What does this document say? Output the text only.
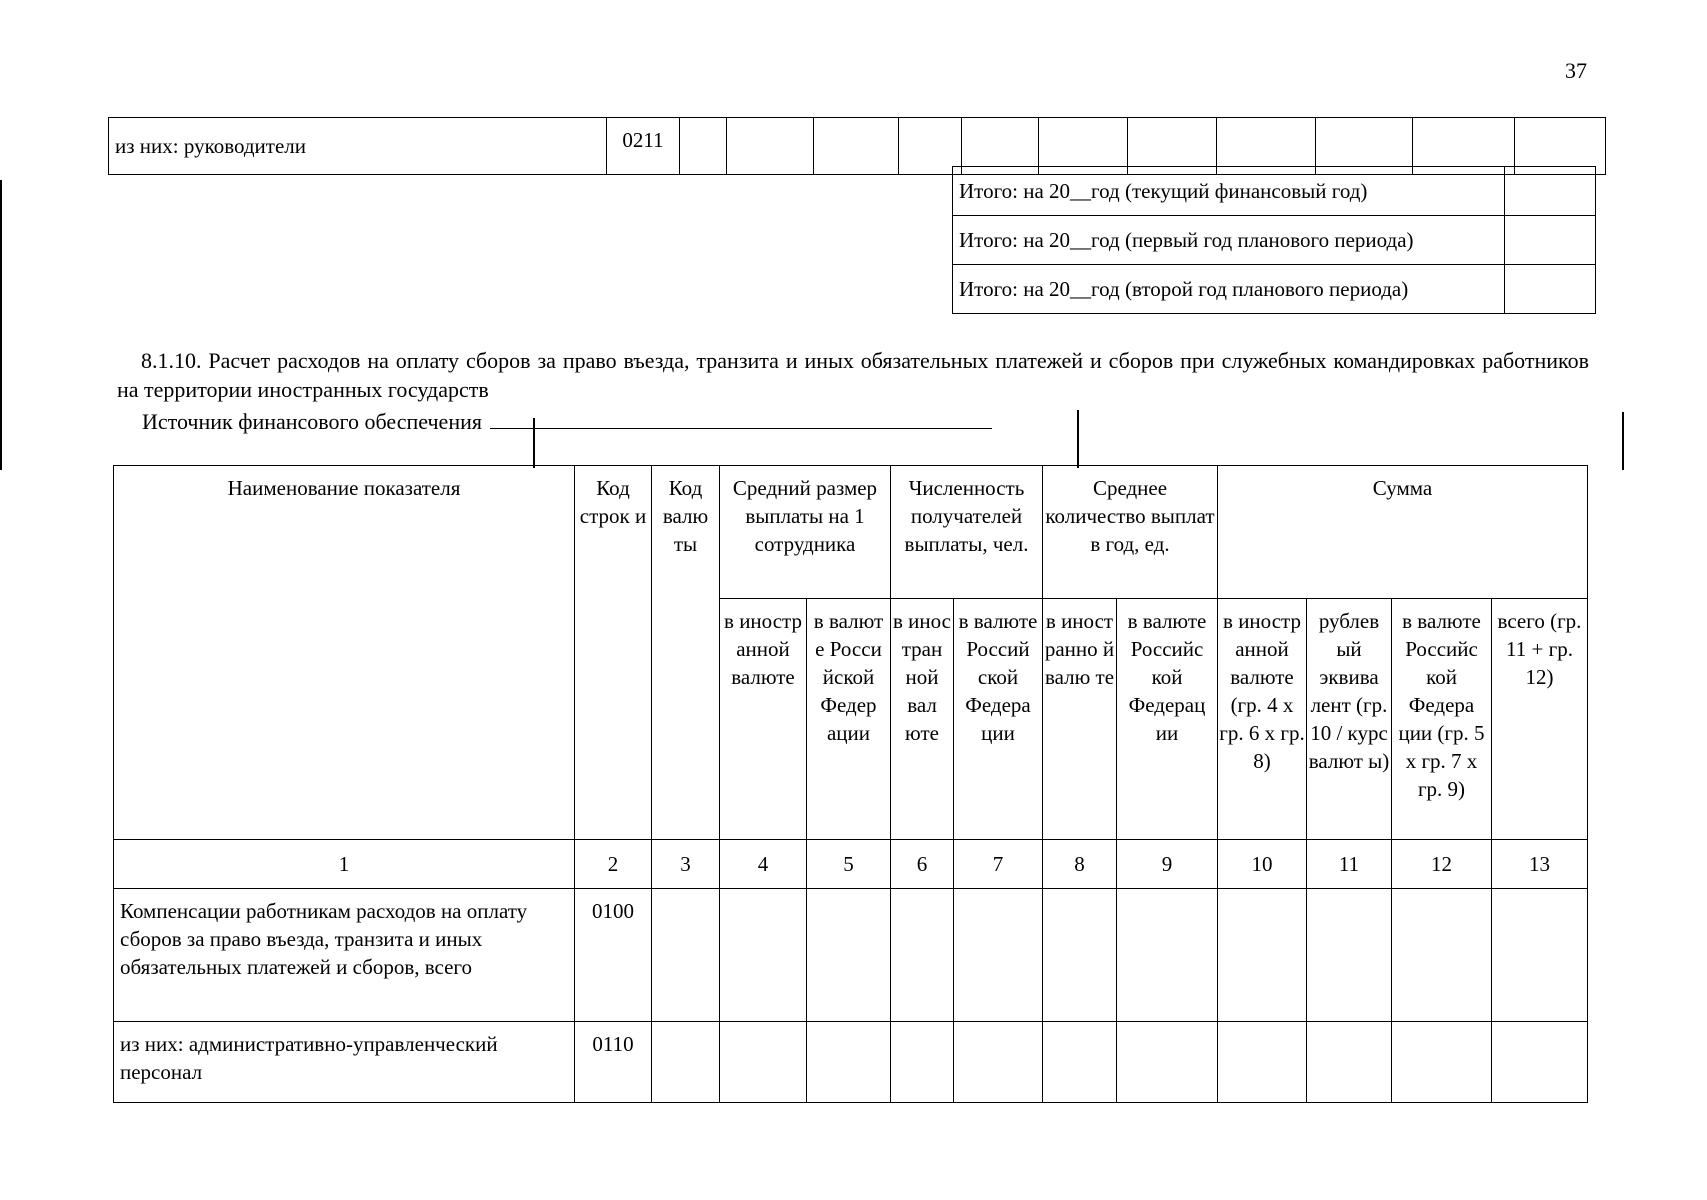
37
из них: руководители	0211											
Итого: на 20__год (текущий финансовый год)	
Итого: на 20__год (первый год планового периода)	
Итого: на 20__год (второй год планового периода)	
8.1.10. Расчет расходов на оплату сборов за право въезда, транзита и иных обязательных платежей и сборов при служебных командировках работников на территории иностранных государств
Источник финансового обеспечения
Наименование показателя	Код строк и	Код валю ты	Средний размер выплаты на 1 сотрудника		Численность получателей выплаты, чел.		Среднее количество выплат в год, ед.		Сумма			
			в иностр анной валюте	в валют е Росси йской Федер ации	в инос тран ной вал юте	в валюте Россий ской Федера ции	в иност ранно й валю те	в валюте Российс кой Федерац ии	в иностр анной валюте (гр. 4 х гр. 6 х гр. 8)	рублев ый эквива лент (гр. 10 / курс валют ы)	в валюте Российс кой Федера ции (гр. 5 х гр. 7 х гр. 9)	всего (гр. 11 + гр. 12)
1	2	3	4	5	6	7	8	9	10	11	12	13
Компенсации работникам расходов на оплату сборов за право въезда, транзита и иных обязательных платежей и сборов, всего	0100											
из них: административно-управленческий персонал	0110											
